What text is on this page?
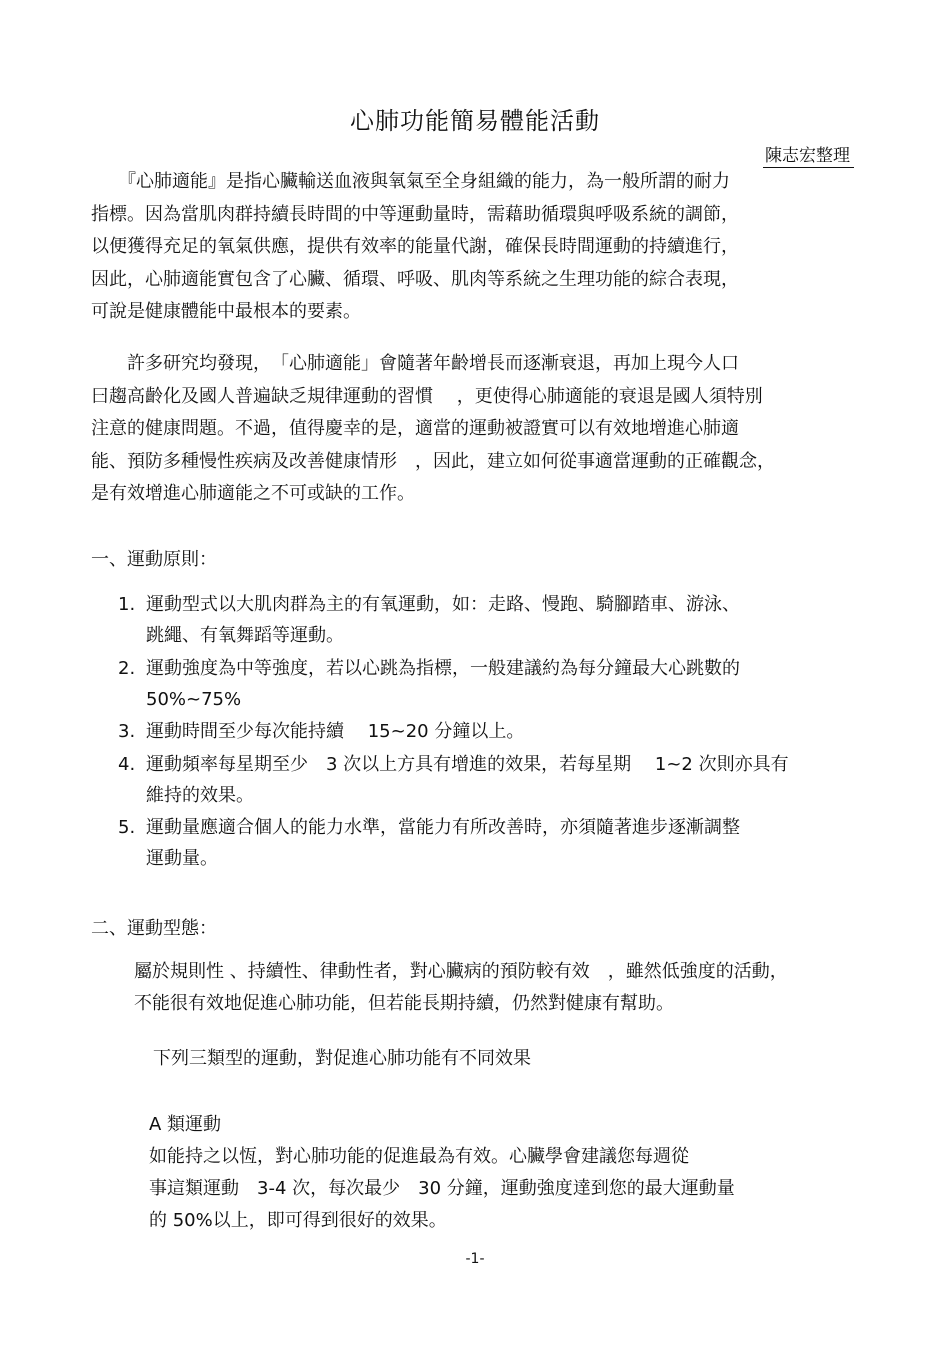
心肺功能簡易體能活動
陳志宏整理

　　『心肺適能』是指心臟輸送血液與氧氣至全身組織的能力，為一般所謂的耐力
指標。因為當肌肉群持續長時間的中等運動量時，需藉助循環與呼吸系統的調節，
以便獲得充足的氧氣供應，提供有效率的能量代謝，確保長時間運動的持續進行，
因此，心肺適能實包含了心臟、循環、呼吸、肌肉等系統之生理功能的綜合表現，
可說是健康體能中最根本的要素。

　　許多研究均發現，　「心肺適能」會隨著年齡增長而逐漸衰退，再加上現今人口
曰趨高齡化及國人普遍缺乏規律運動的習慣　 ，更使得心肺適能的衰退是國人須特別
注意的健康問題。不過，值得慶幸的是，適當的運動被證實可以有效地增進心肺適
能、預防多種慢性疾病及改善健康情形　，因此，建立如何從事適當運動的正確觀念，
是有效增進心肺適能之不可或缺的工作。

一、運動原則：
1. 運動型式以大肌肉群為主的有氧運動，如：走路、慢跑、騎腳踏車、游泳、
跳繩、有氧舞蹈等運動。
2. 運動強度為中等強度，若以心跳為指標，一般建議約為每分鐘最大心跳數的
50%~75%
3. 運動時間至少每次能持續　 15~20 分鐘以上。
4. 運動頻率每星期至少　3 次以上方具有增進的效果，若每星期　 1~2 次則亦具有
維持的效果。
5. 運動量應適合個人的能力水準，當能力有所改善時，亦須隨著進步逐漸調整
運動量。
二、運動型態：

屬於規則性 、持續性、律動性者，對心臟病的預防較有效　，雖然低強度的活動，
不能很有效地促進心肺功能，但若能長期持續，仍然對健康有幫助。

下列三類型的運動，對促進心肺功能有不同效果

A 類運動

如能持之以恆，對心肺功能的促進最為有效。心臟學會建議您每週從
事這類運動　3-4 次，每次最少　30 分鐘，運動強度達到您的最大運動量
的 50%以上，即可得到很好的效果。

-1-
